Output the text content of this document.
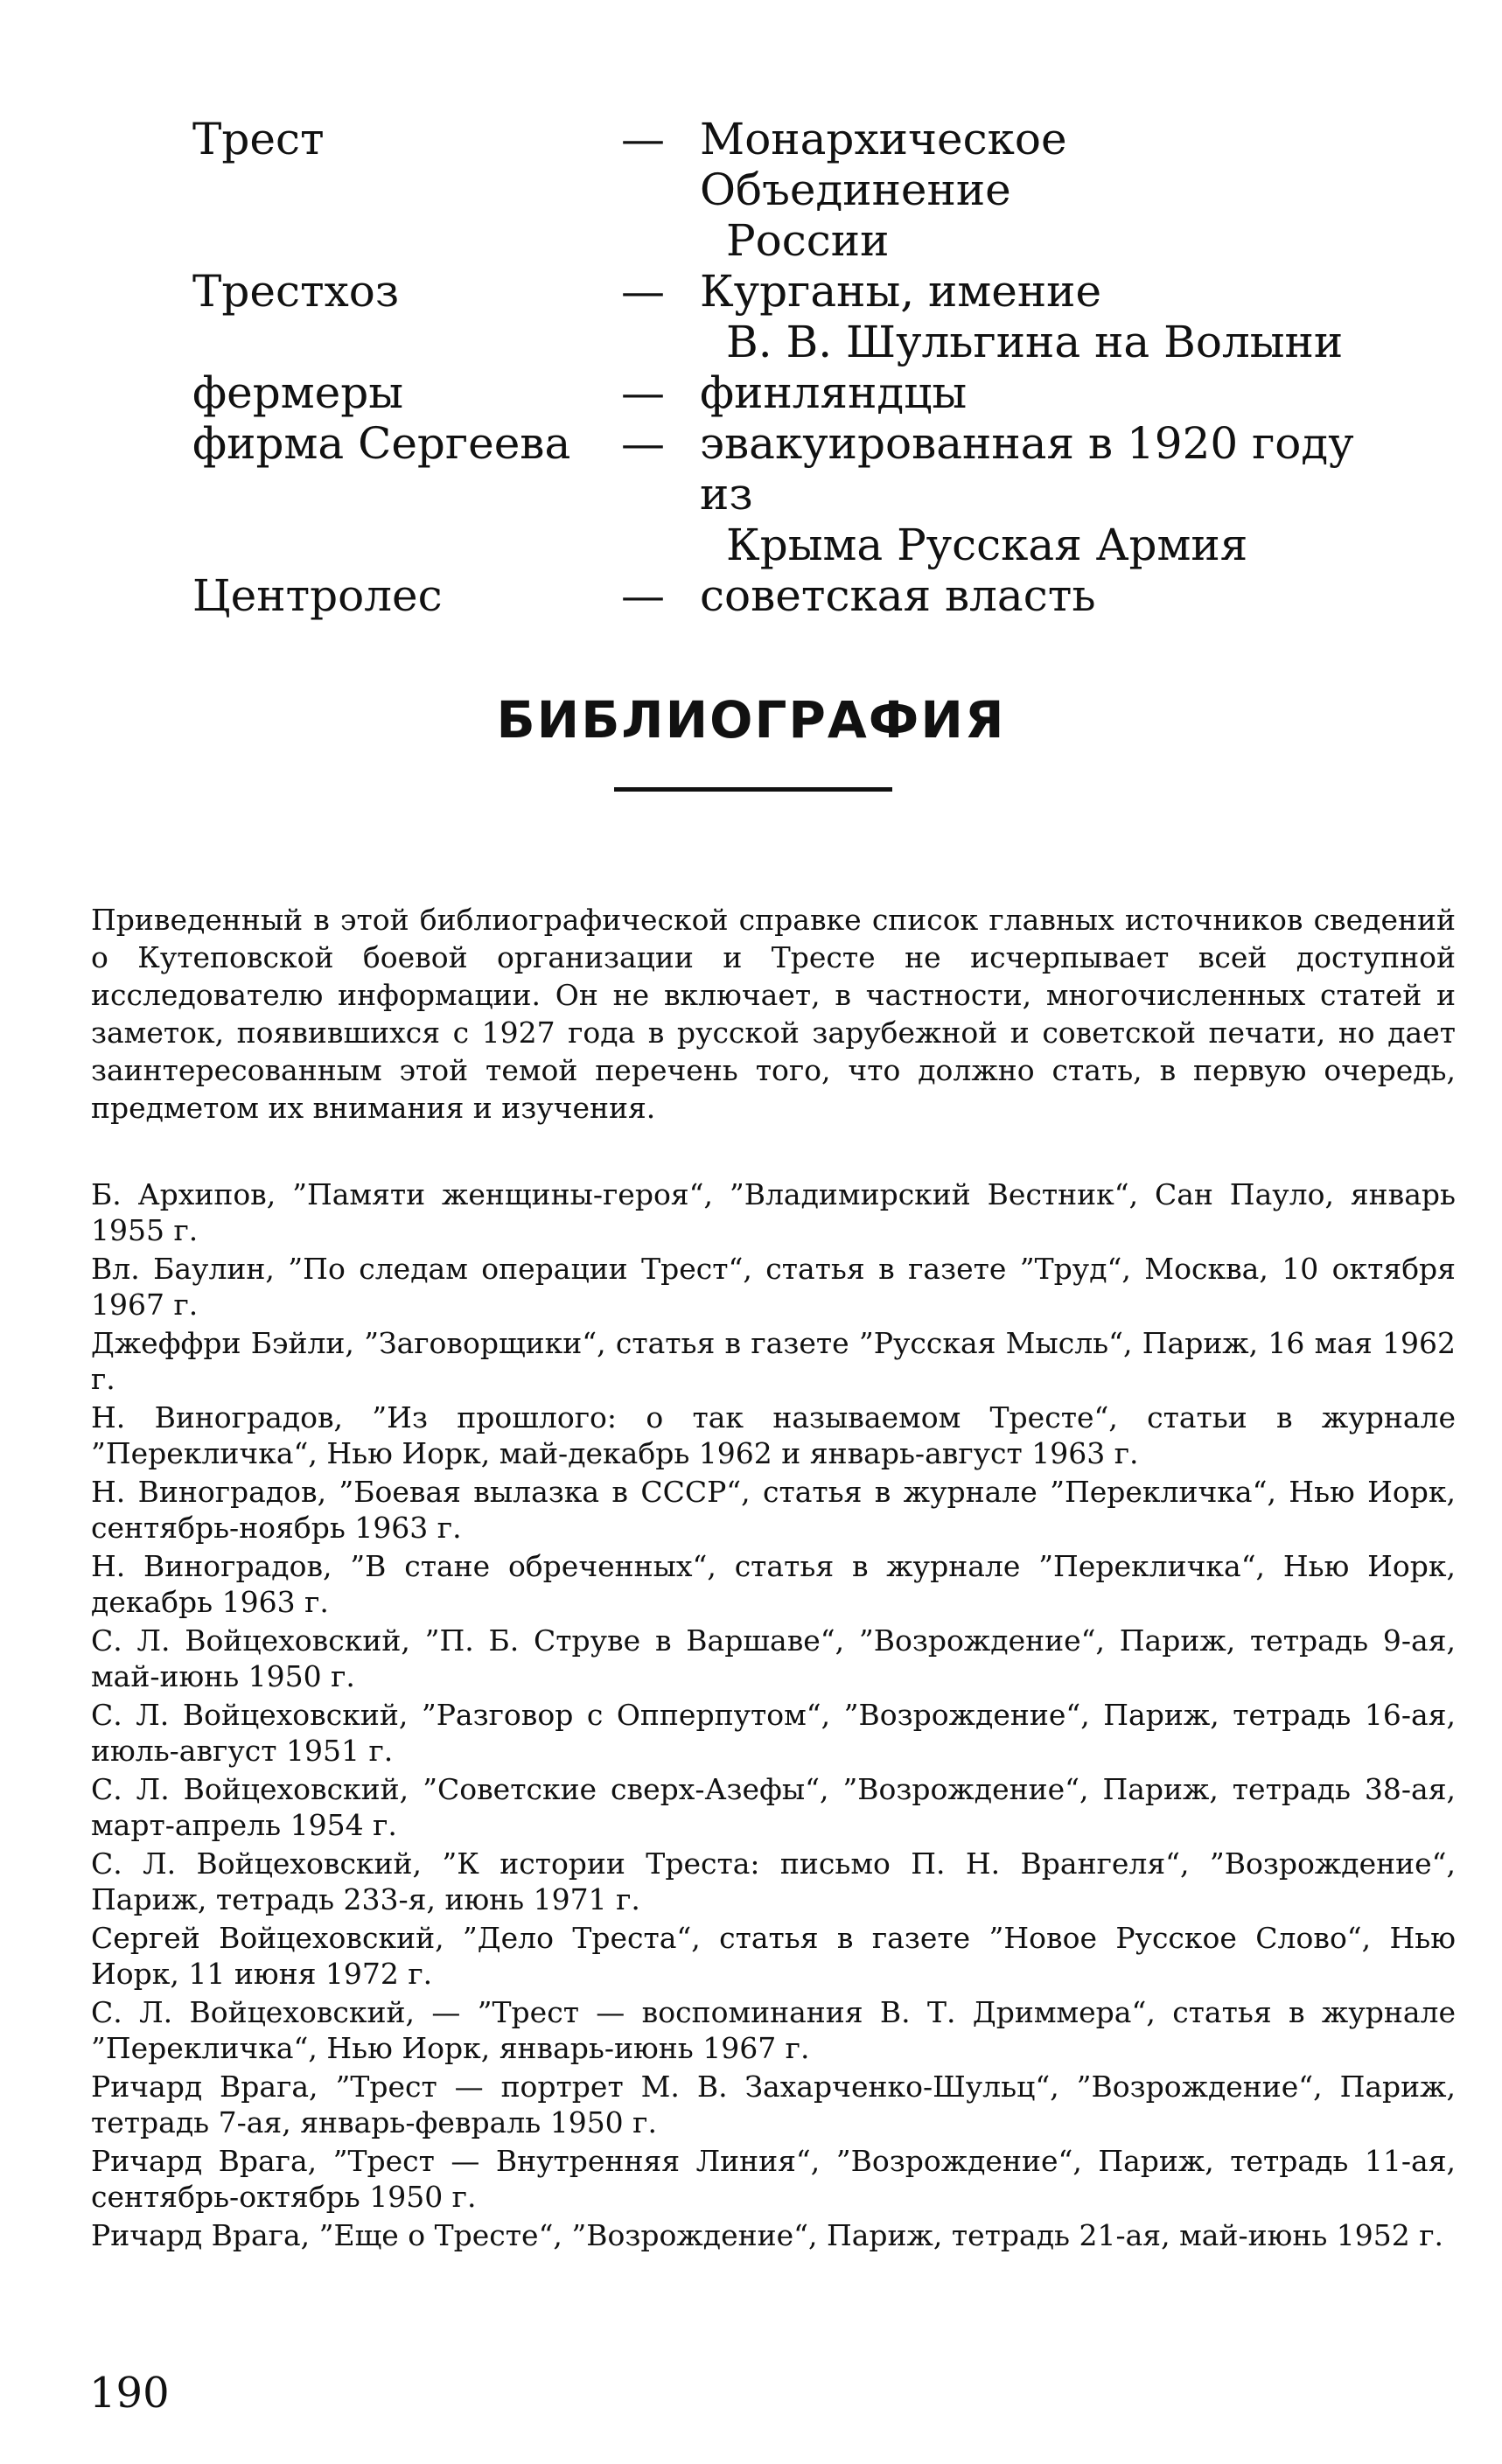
Трест	— Монархическое Объединение
России
Трестхоз	— Курганы, имение
В. В. Шульгина на Волыни
фермеры	— финляндцы
фирма Сергеева	— эвакуированная в 1920 году из
Крыма Русская Армия
Центролес	— советская власть
БИБЛИОГРАФИЯ

Приведенный в этой библиографической справке список главных источников сведений о Кутеповской боевой организации и Тресте не исчерпывает всей доступной исследователю информации. Он не включает, в частности, многочисленных статей и заметок, появившихся с 1927 года в русской зарубежной и советской печати, но дает заинтересованным этой темой перечень того, что должно стать, в первую очередь, предметом их внимания и изучения.

Б. Архипов, ”Памяти женщины-героя“, ”Владимирский Вестник“, Сан Пауло, январь 1955 г.

Вл. Баулин, ”По следам операции Трест“, статья в газете ”Труд“, Москва, 10 октября 1967 г.

Джеффри Бэйли, ”Заговорщики“, статья в газете ”Русская Мысль“, Париж, 16 мая 1962 г.

Н. Виноградов, ”Из прошлого: о так называемом Тресте“, статьи в журнале ”Перекличка“, Нью Иорк, май-декабрь 1962 и январь-август 1963 г.

Н. Виноградов, ”Боевая вылазка в СССР“, статья в журнале ”Перекличка“, Нью Иорк, сентябрь-ноябрь 1963 г.

Н. Виноградов, ”В стане обреченных“, статья в журнале ”Перекличка“, Нью Иорк, декабрь 1963 г.

С. Л. Войцеховский, ”П. Б. Струве в Варшаве“, ”Возрождение“, Париж, тетрадь 9-ая, май-июнь 1950 г.

С. Л. Войцеховский, ”Разговор с Опперпутом“, ”Возрождение“, Париж, тетрадь 16-ая, июль-август 1951 г.

С. Л. Войцеховский, ”Советские сверх-Азефы“, ”Возрождение“, Париж, тетрадь 38-ая, март-апрель 1954 г.

С. Л. Войцеховский, ”К истории Треста: письмо П. Н. Врангеля“, ”Возрождение“, Париж, тетрадь 233-я, июнь 1971 г.

Сергей Войцеховский, ”Дело Треста“, статья в газете ”Новое Русское Слово“, Нью Иорк, 11 июня 1972 г.

С. Л. Войцеховский, — ”Трест — воспоминания В. Т. Дриммера“, статья в журнале ”Перекличка“, Нью Иорк, январь-июнь 1967 г.

Ричард Врага, ”Трест — портрет М. В. Захарченко-Шульц“, ”Возрождение“, Париж, тетрадь 7-ая, январь-февраль 1950 г.

Ричард Врага, ”Трест — Внутренняя Линия“, ”Возрождение“, Париж, тетрадь 11-ая, сентябрь-октябрь 1950 г.

Ричард Врага, ”Еще о Тресте“, ”Возрождение“, Париж, тетрадь 21-ая, май-июнь 1952 г.

190
